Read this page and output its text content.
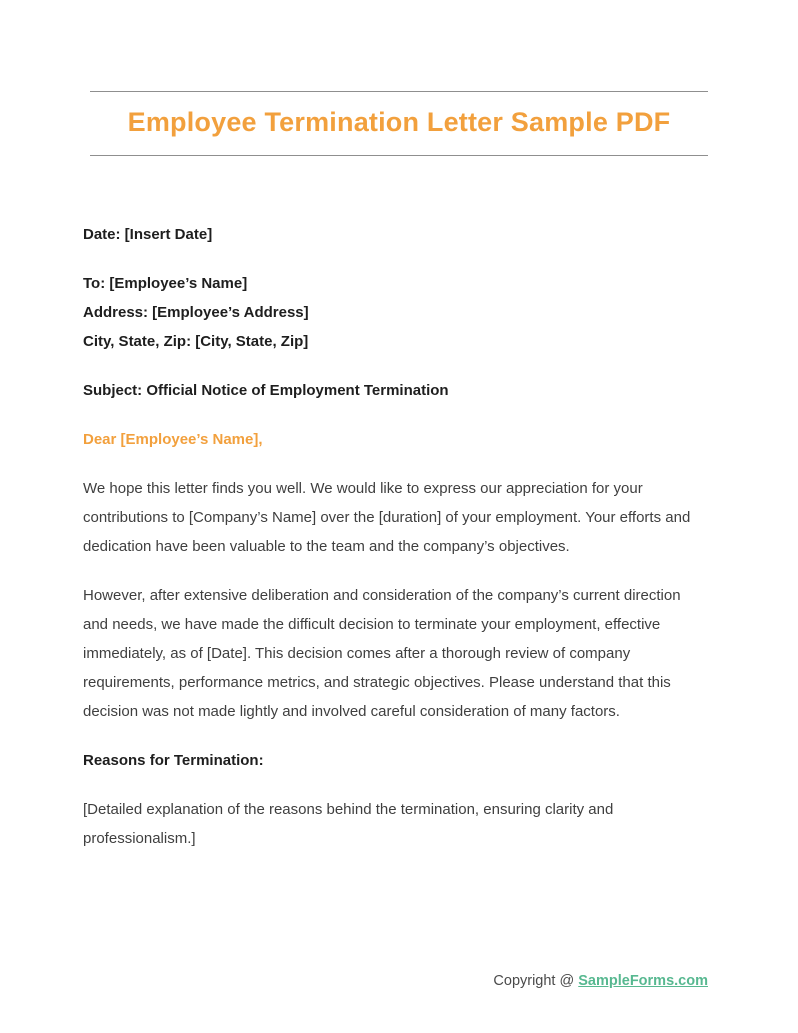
Employee Termination Letter Sample PDF
Date: [Insert Date]
To: [Employee’s Name]
Address: [Employee’s Address]
City, State, Zip: [City, State, Zip]
Subject: Official Notice of Employment Termination
Dear [Employee’s Name],

We hope this letter finds you well. We would like to express our appreciation for your contributions to [Company’s Name] over the [duration] of your employment. Your efforts and dedication have been valuable to the team and the company’s objectives.

However, after extensive deliberation and consideration of the company’s current direction and needs, we have made the difficult decision to terminate your employment, effective immediately, as of [Date]. This decision comes after a thorough review of company requirements, performance metrics, and strategic objectives. Please understand that this decision was not made lightly and involved careful consideration of many factors.

Reasons for Termination:

[Detailed explanation of the reasons behind the termination, ensuring clarity and professionalism.]

Copyright @ SampleForms.com
